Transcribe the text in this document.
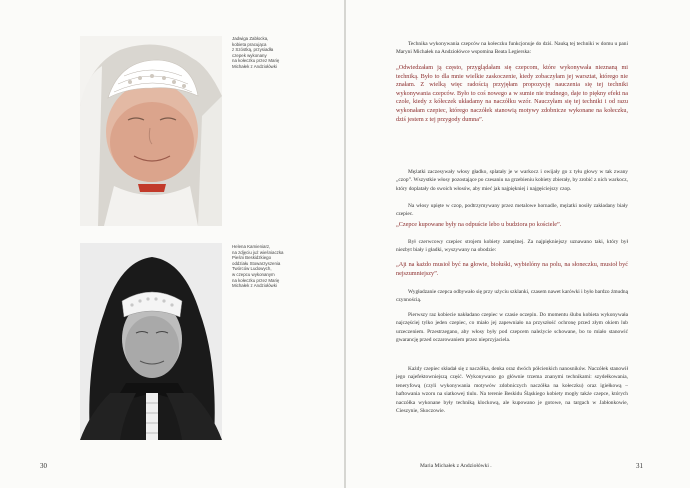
Jadwiga Zabłocka,
kobieta pracująca
z Szóstką, przysiadła
czepek wykonany
na kołeczku przez Marię
Michałek z Andziołówki
Helena Kamieniarz,
na zdjęciu już wieśniaczka
Pieśni Beskidzkiego
oddziału Stowarzyszenia
Twórców Ludowych,
w czepcu wykonanym
na kołeczku przez Marię
Michałek z Andziołówki
30

Technika wykonywania czepców na kołeczku funkcjonuje do dziś. Nauką tej techniki w domu u pani Maryni Michałek na Andziołówce wspomina Beata Legierska:

„Odwiedzałam ją często, przyglądałam się czepcom, które wykonywała nieznaną mi techniką. Było to dla mnie wielkie zaskoczenie, kiedy zobaczyłam jej warsztat, którego nie znałam. Z wielką więc radością przyjęłam propozycję nauczenia się tej techniki wykonywania czepców. Było to coś nowego a w sumie nie trudnego, daje to piękny efekt na czole, kiedy z kółeczek układamy na naczółku wzór. Nauczyłam się tej techniki i od razu wykonałam czepiec, którego naczółek stanowią motywy zdobnicze wykonane na kołeczku, dziś jestem z tej przygody dumna”.

Mężatki zaczesywały włosy gładko, splatały je w warkocz i owijały go z tyłu głowy w tak zwany „czop”. Wszystkie włosy pozostające po czesaniu na grzebieniu kobiety zbierały, by zrobić z nich warkocz, który doplatały do swoich włosów, aby mieć jak najpiękniej i najgęściejszy czop.

Na włosy upięte w czop, podtrzymywany przez metalowe hornadle, mężatki nosiły zakładany biały czepiec.

„Czepce kupowane były na odpuście lebo u budziora po kościele”.

Był czerwcowy czepiec strojem kobiety zamężnej. Za najpiękniejszy uznawano taki, który był niezbyt biały i gładki, wyszywany na obodzie:

„Aji na każdo musioł być na głowie, biołuśki, wybielóny na polu, na słoneczku, musioł być nejszumniejszy”.

Wygładzanie czepca odbywało się przy użyciu szklanki, czasem nawet karówki i było bardzo żmudną czynnością.

Pierwszy raz kobiecie nakładano czepiec w czasie oczepin. Do momentu ślubu kobieta wykonywała najczęściej tylko jeden czepiec, co miało jej zapewniało na przyszłość ochronę przed złym okiem lub urzeczeniem. Przestrzegano, aby włosy były pod czepcem należycie schowane, bo to miało stanowić gwarancję przed oczarowaniem przez nieprzyjaciela.

Każdy czepiec składał się z naczółka, denka oraz dwóch półcienkich nanosników. Naczółek stanowił jego najefektowniejszą część. Wykonywano go głównie trzema znanymi technikami: szydełkowania, teneryfową (czyli wykonywania motywów zdobniczych naczółka na kołeczku) oraz igiełkową – haftowania wzoru na siatkowej tiulu. Na terenie Beskidu Śląskiego kobiety mogły także czepce, których naczółka wykonane były techniką klockową, ale kupowano je gotowe, na targach w Jabłonkowie, Cieszynie, Skoczowie.

Maria Michałek z Andziołówki .	31
